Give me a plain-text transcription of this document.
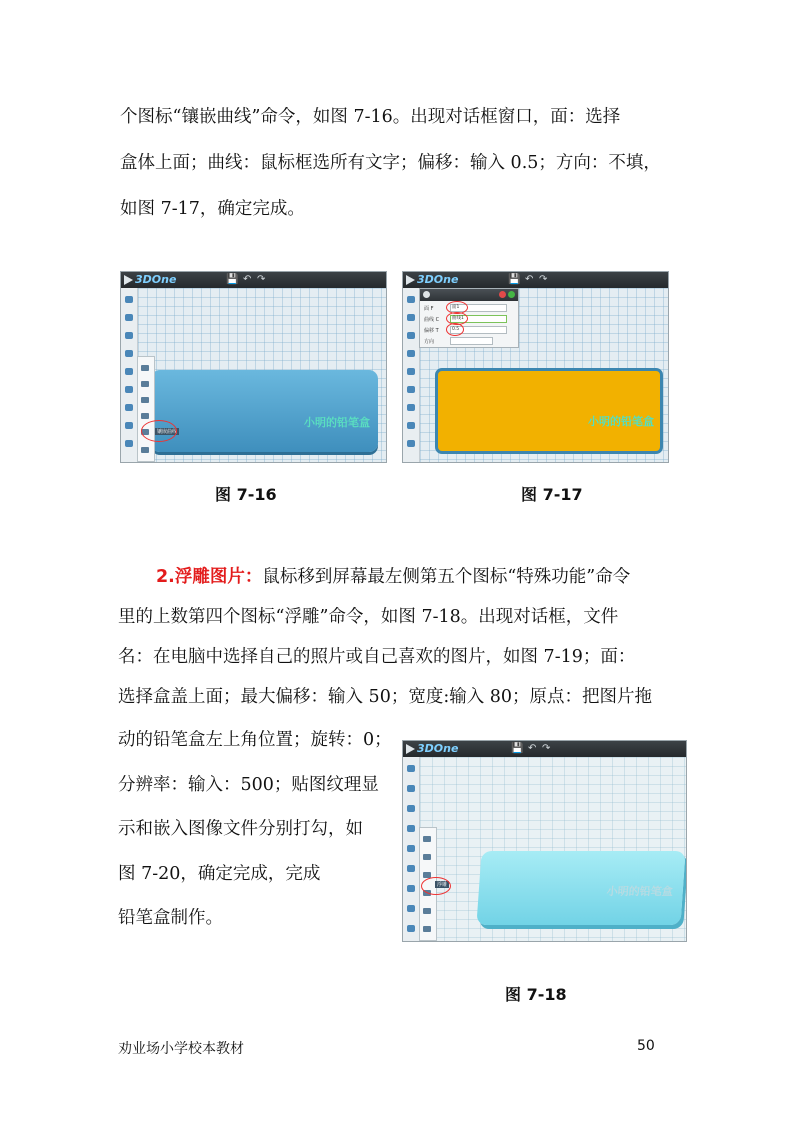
个图标“镶嵌曲线”命令，如图 7-16。出现对话框窗口，面：选择
盒体上面；曲线：鼠标框选所有文字；偏移：输入 0.5；方向：不填，
如图 7-17，确定完成。
3DOne	💾 ↶ ↷
小明的铅笔盒
镶嵌曲线
图 7-16
3DOne	💾 ↶ ↷
小明的铅笔盒
面 F	面1
曲线 C	曲线1
偏移 T	0.5
方向
图 7-17
2.浮雕图片：鼠标移到屏幕最左侧第五个图标“特殊功能”命令
里的上数第四个图标“浮雕”命令，如图 7-18。出现对话框，文件
名：在电脑中选择自己的照片或自己喜欢的图片，如图 7-19；面：
选择盒盖上面；最大偏移：输入 50；宽度:输入 80；原点：把图片拖
动的铅笔盒左上角位置；旋转：0；
分辨率：输入：500；贴图纹理显
示和嵌入图像文件分别打勾，如
图 7-20，确定完成，完成
铅笔盒制作。
3DOne	💾 ↶ ↷
小明的铅笔盒
浮雕
图 7-18
劝业场小学校本教材	50
